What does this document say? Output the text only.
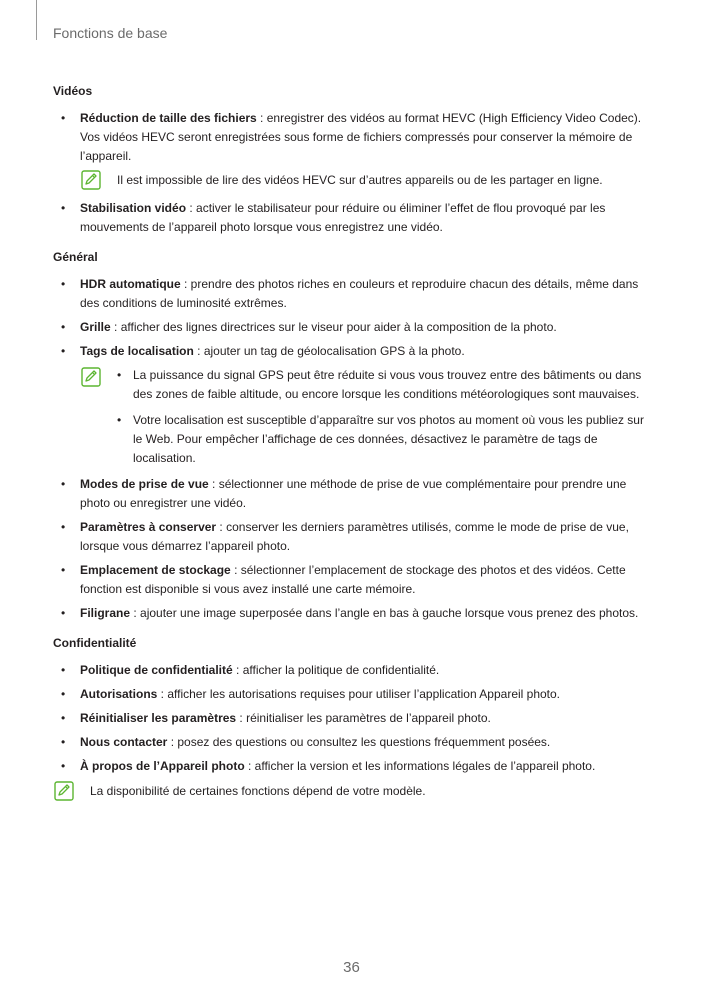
Fonctions de base
Vidéos
• Réduction de taille des fichiers : enregistrer des vidéos au format HEVC (High Efficiency Video Codec). Vos vidéos HEVC seront enregistrées sous forme de fichiers compressés pour conserver la mémoire de l’appareil.
Il est impossible de lire des vidéos HEVC sur d’autres appareils ou de les partager en ligne.
• Stabilisation vidéo : activer le stabilisateur pour réduire ou éliminer l’effet de flou provoqué par les mouvements de l’appareil photo lorsque vous enregistrez une vidéo.
Général
• HDR automatique : prendre des photos riches en couleurs et reproduire chacun des détails, même dans des conditions de luminosité extrêmes.
• Grille : afficher des lignes directrices sur le viseur pour aider à la composition de la photo.
• Tags de localisation : ajouter un tag de géolocalisation GPS à la photo.
• La puissance du signal GPS peut être réduite si vous vous trouvez entre des bâtiments ou dans des zones de faible altitude, ou encore lorsque les conditions météorologiques sont mauvaises.
• Votre localisation est susceptible d’apparaître sur vos photos au moment où vous les publiez sur le Web. Pour empêcher l’affichage de ces données, désactivez le paramètre de tags de localisation.
• Modes de prise de vue : sélectionner une méthode de prise de vue complémentaire pour prendre une photo ou enregistrer une vidéo.
• Paramètres à conserver : conserver les derniers paramètres utilisés, comme le mode de prise de vue, lorsque vous démarrez l’appareil photo.
• Emplacement de stockage : sélectionner l’emplacement de stockage des photos et des vidéos. Cette fonction est disponible si vous avez installé une carte mémoire.
• Filigrane : ajouter une image superposée dans l’angle en bas à gauche lorsque vous prenez des photos.
Confidentialité
• Politique de confidentialité : afficher la politique de confidentialité.
• Autorisations : afficher les autorisations requises pour utiliser l’application Appareil photo.
• Réinitialiser les paramètres : réinitialiser les paramètres de l’appareil photo.
• Nous contacter : posez des questions ou consultez les questions fréquemment posées.
• À propos de l’Appareil photo : afficher la version et les informations légales de l’appareil photo.
La disponibilité de certaines fonctions dépend de votre modèle.
36
